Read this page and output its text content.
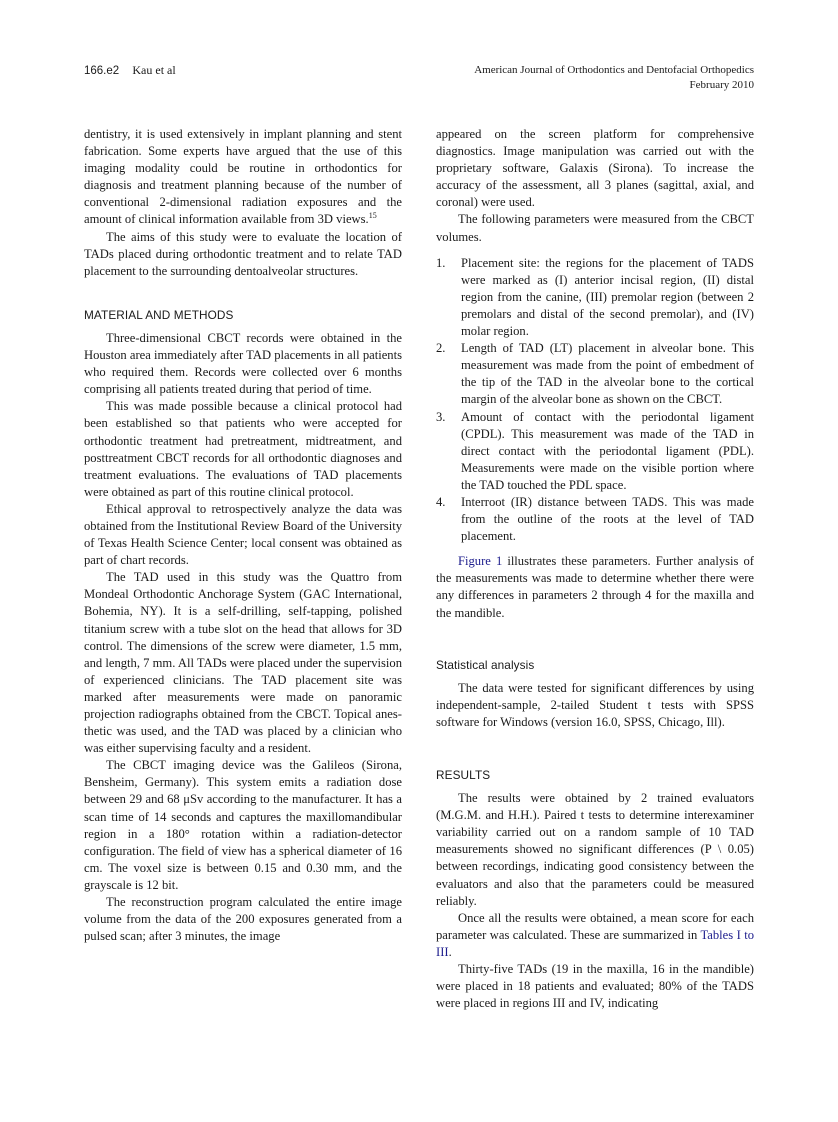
166.e2 Kau et al	American Journal of Orthodontics and Dentofacial Orthopedics
February 2010

dentistry, it is used extensively in implant planning and stent fabrication. Some experts have argued that the use of this imaging modality could be routine in orthodontics for diagnosis and treatment planning because of the number of conventional 2-dimensional radiation exposures and the amount of clinical information available from 3D views.$^{15}$

The aims of this study were to evaluate the location of TADs placed during orthodontic treatment and to relate TAD placement to the surrounding dentoalveolar structures.

MATERIAL AND METHODS

Three-dimensional CBCT records were obtained in the Houston area immediately after TAD placements in all patients who required them. Records were collected over 6 months comprising all patients treated during that period of time.

This was made possible because a clinical protocol had been established so that patients who were accepted for orthodontic treatment had pretreatment, midtreatment, and posttreatment CBCT records for all orthodontic diagnoses and treatment evaluations. The evaluations of TAD placements were obtained as part of this routine clinical protocol.

Ethical approval to retrospectively analyze the data was obtained from the Institutional Review Board of the University of Texas Health Science Center; local consent was obtained as part of chart records.

The TAD used in this study was the Quattro from Mondeal Orthodontic Anchorage System (GAC International, Bohemia, NY). It is a self-drilling, self-tapping, polished titanium screw with a tube slot on the head that allows for 3D control. The dimensions of the screw were diameter, 1.5 mm, and length, 7 mm. All TADs were placed under the supervision of experienced clinicians. The TAD placement site was marked after measurements were made on panoramic projection radiographs obtained from the CBCT. Topical anesthetic was used, and the TAD was placed by a clinician who was either supervising faculty and a resident.

The CBCT imaging device was the Galileos (Sirona, Bensheim, Germany). This system emits a radiation dose between 29 and 68 μSv according to the manufacturer. It has a scan time of 14 seconds and captures the maxillomandibular region in a 180° rotation within a radiation-detector configuration. The field of view has a spherical diameter of 16 cm. The voxel size is between 0.15 and 0.30 mm, and the grayscale is 12 bit.

The reconstruction program calculated the entire image volume from the data of the 200 exposures generated from a pulsed scan; after 3 minutes, the image

appeared on the screen platform for comprehensive diagnostics. Image manipulation was carried out with the proprietary software, Galaxis (Sirona). To increase the accuracy of the assessment, all 3 planes (sagittal, axial, and coronal) were used.

The following parameters were measured from the CBCT volumes.

1. Placement site: the regions for the placement of TADS were marked as (I) anterior incisal region, (II) distal region from the canine, (III) premolar region (between 2 premolars and distal of the second premolar), and (IV) molar region.
2. Length of TAD (LT) placement in alveolar bone. This measurement was made from the point of embedment of the tip of the TAD in the alveolar bone to the cortical margin of the alveolar bone as shown on the CBCT.
3. Amount of contact with the periodontal ligament (CPDL). This measurement was made of the TAD in direct contact with the periodontal ligament (PDL). Measurements were made on the visible portion where the TAD touched the PDL space.
4. Interroot (IR) distance between TADS. This was made from the outline of the roots at the level of TAD placement.

Figure 1 illustrates these parameters. Further analysis of the measurements was made to determine whether there were any differences in parameters 2 through 4 for the maxilla and the mandible.

Statistical analysis

The data were tested for significant differences by using independent-sample, 2-tailed Student t tests with SPSS software for Windows (version 16.0, SPSS, Chicago, Ill).

RESULTS

The results were obtained by 2 trained evaluators (M.G.M. and H.H.). Paired t tests to determine interexaminer variability carried out on a random sample of 10 TAD measurements showed no significant differences (P \ 0.05) between recordings, indicating good consistency between the evaluators and also that the parameters could be measured reliably.

Once all the results were obtained, a mean score for each parameter was calculated. These are summarized in Tables I to III.

Thirty-five TADs (19 in the maxilla, 16 in the mandible) were placed in 18 patients and evaluated; 80% of the TADS were placed in regions III and IV, indicating
